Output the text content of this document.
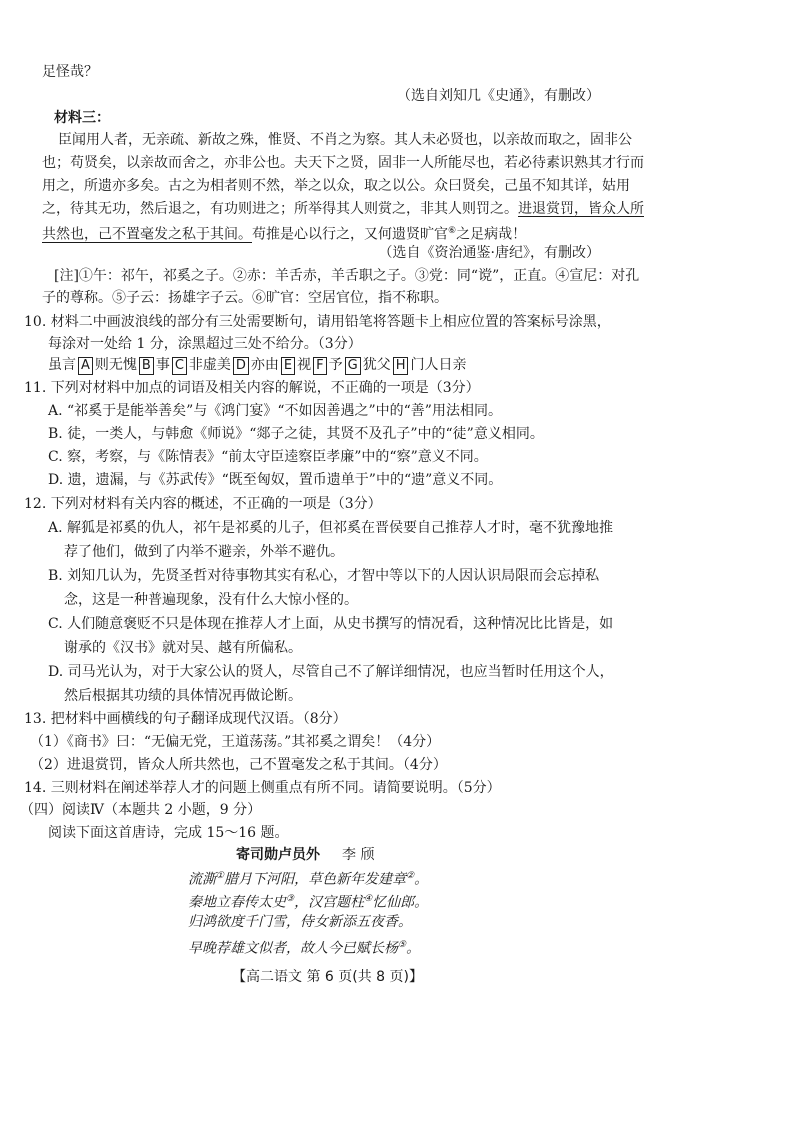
足怪哉？
（选自刘知几《史通》，有删改）
材料三：
臣闻用人者，无亲疏、新故之殊，惟贤、不肖之为察。其人未必贤也，以亲故而取之，固非公
也；苟贤矣，以亲故而舍之，亦非公也。夫天下之贤，固非一人所能尽也，若必待素识熟其才行而
用之，所遗亦多矣。古之为相者则不然，举之以众，取之以公。众曰贤矣，己虽不知其详，姑用
之，待其无功，然后退之，有功则进之；所举得其人则赏之，非其人则罚之。进退赏罚，皆众人所
共然也，己不置毫发之私于其间。苟推是心以行之，又何遗贤旷官⑥之足病哉！
（选自《资治通鉴·唐纪》，有删改）
[注]①午：祁午，祁奚之子。②赤：羊舌赤，羊舌职之子。③党：同“谠”，正直。④宣尼：对孔
子的尊称。⑤子云：扬雄字子云。⑥旷官：空居官位，指不称职。
10. 材料二中画波浪线的部分有三处需要断句，请用铅笔将答题卡上相应位置的答案标号涂黑，
每涂对一处给 1 分，涂黑超过三处不给分。（3分）
虽言 A 则无愧 B 事 C 非虚美 D 亦由 E 视 F 予 G 犹父 H 门人日亲
11. 下列对材料中加点的词语及相关内容的解说，不正确的一项是（3分）
A. “祁奚于是能举善矣”与《鸿门宴》“不如因善遇之”中的“善”用法相同。
B. 徒，一类人，与韩愈《师说》“郯子之徒，其贤不及孔子”中的“徒”意义相同。
C. 察，考察，与《陈情表》“前太守臣逵察臣孝廉”中的“察”意义不同。
D. 遗，遗漏，与《苏武传》“既至匈奴，置币遗单于”中的“遗”意义不同。
12. 下列对材料有关内容的概述，不正确的一项是（3分）
A. 解狐是祁奚的仇人，祁午是祁奚的儿子，但祁奚在晋侯要自己推荐人才时，毫不犹豫地推
荐了他们，做到了内举不避亲，外举不避仇。
B. 刘知几认为，先贤圣哲对待事物其实有私心，才智中等以下的人因认识局限而会忘掉私
念，这是一种普遍现象，没有什么大惊小怪的。
C. 人们随意褒贬不只是体现在推荐人才上面，从史书撰写的情况看，这种情况比比皆是，如
谢承的《汉书》就对吴、越有所偏私。
D. 司马光认为，对于大家公认的贤人，尽管自己不了解详细情况，也应当暂时任用这个人，
然后根据其功绩的具体情况再做论断。
13. 把材料中画横线的句子翻译成现代汉语。（8分）
（1）《商书》曰：“无偏无党，王道荡荡。”其祁奚之谓矣！（4分）
（2）进退赏罚，皆众人所共然也，己不置毫发之私于其间。（4分）
14. 三则材料在阐述举荐人才的问题上侧重点有所不同。请简要说明。（5分）
（四）阅读Ⅳ（本题共 2 小题，9 分）
阅读下面这首唐诗，完成 15～16 题。
寄司勋卢员外 李 颀
流澌①腊月下河阳，草色新年发建章②。
秦地立春传太史③，汉宫题柱④忆仙郎。
归鸿欲度千门雪，侍女新添五夜香。
早晚荐雄文似者，故人今已赋长杨⑤。
【高二语文 第 6 页(共 8 页)】
